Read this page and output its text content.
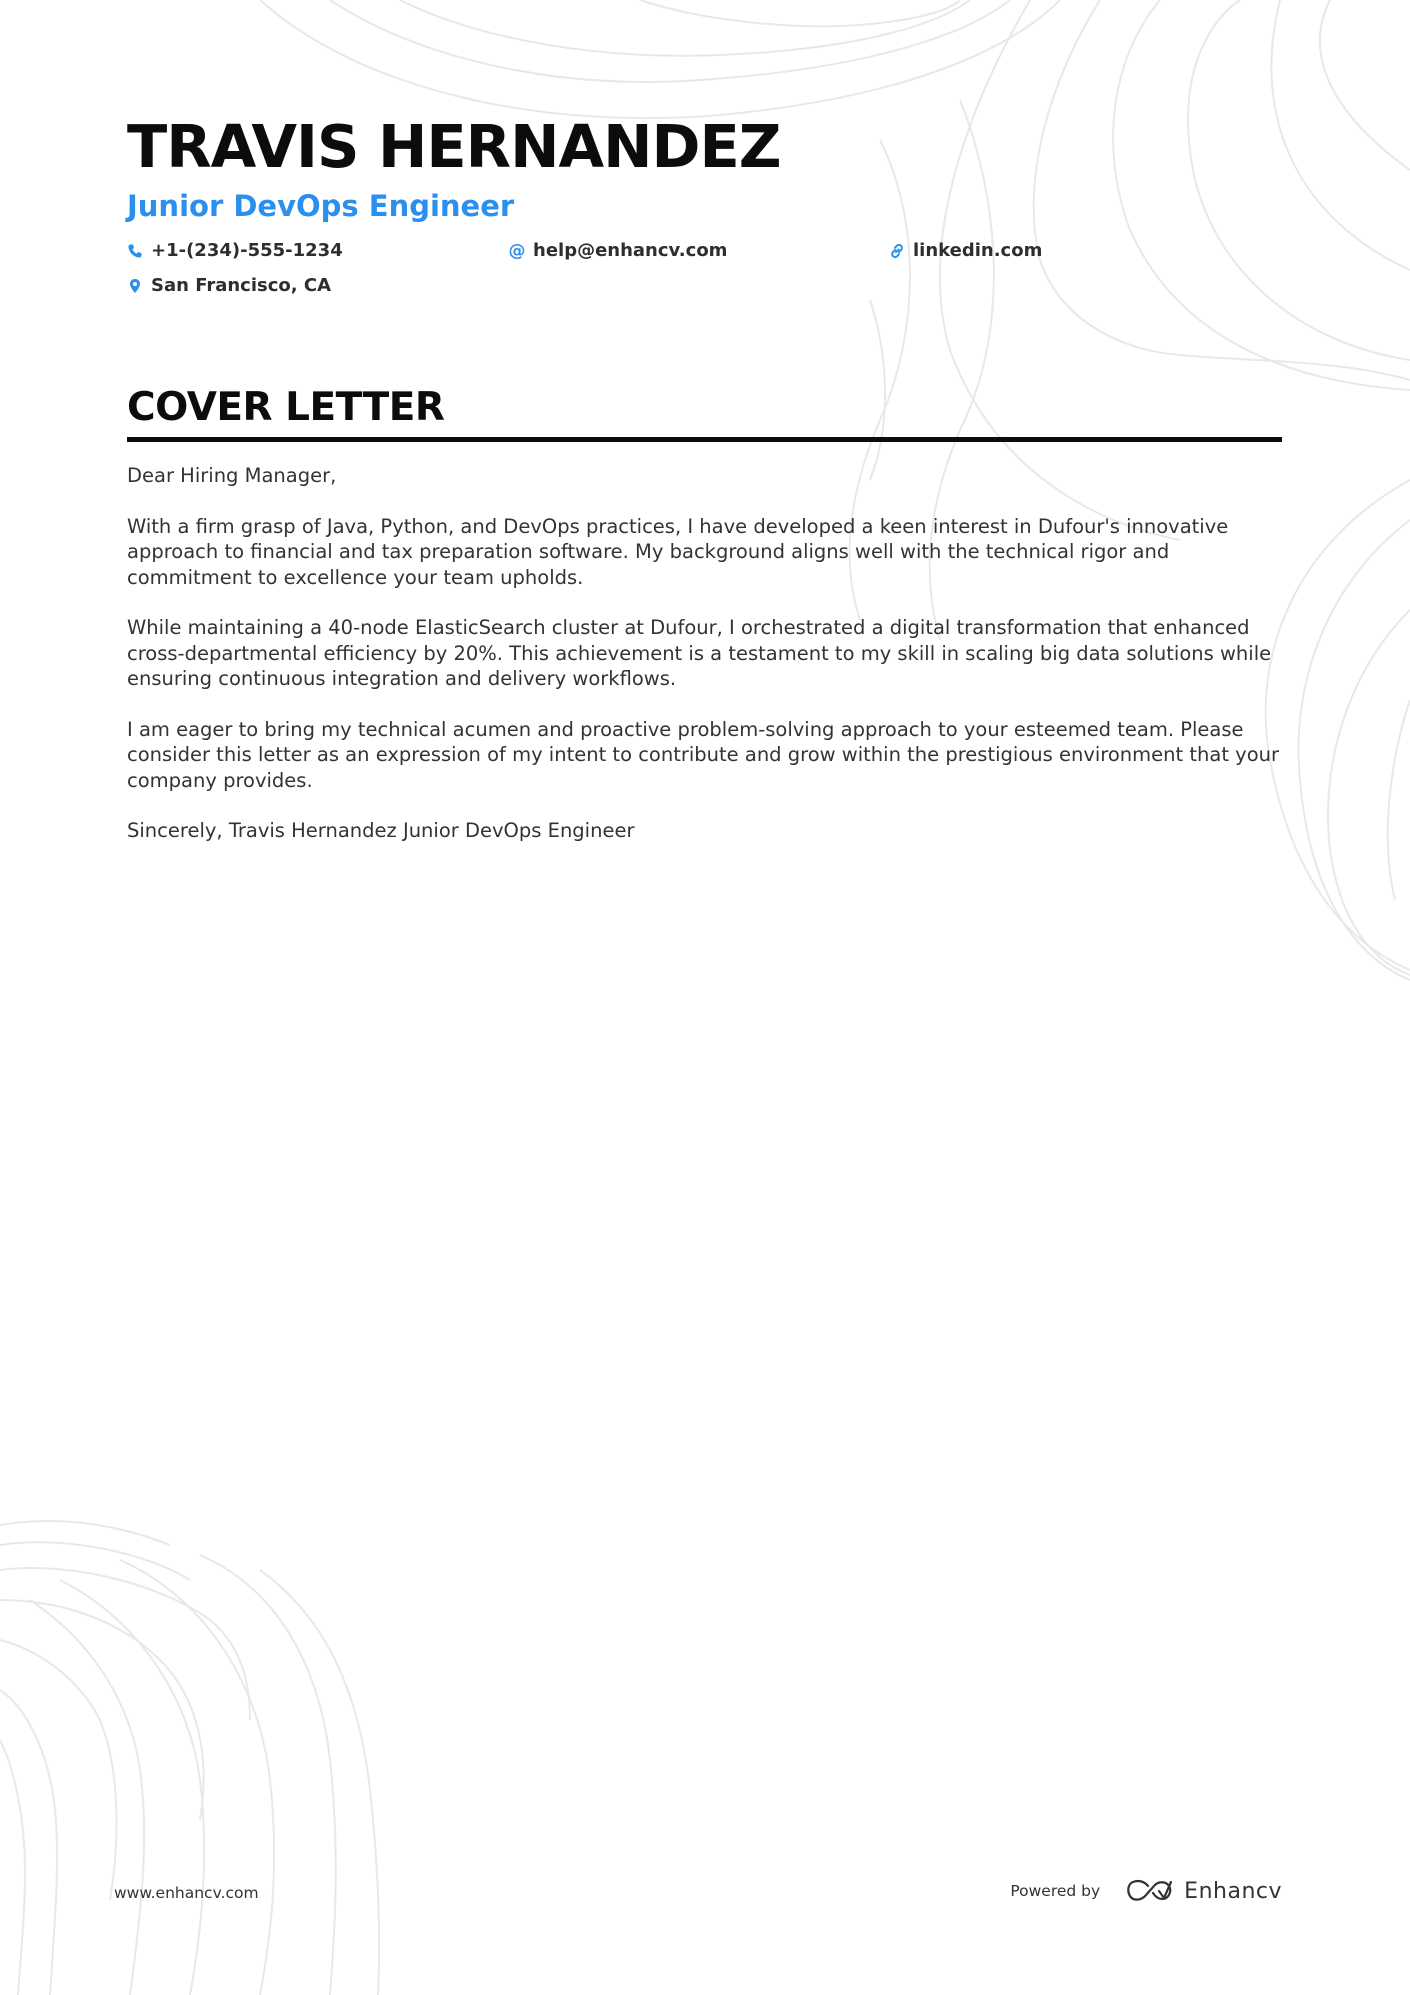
TRAVIS HERNANDEZ
Junior DevOps Engineer
+1-(234)-555-1234	@ help@enhancv.com	linkedin.com
San Francisco, CA
COVER LETTER

Dear Hiring Manager,

With a firm grasp of Java, Python, and DevOps practices, I have developed a keen interest in Dufour's innovative approach to financial and tax preparation software. My background aligns well with the technical rigor and commitment to excellence your team upholds.

While maintaining a 40-node ElasticSearch cluster at Dufour, I orchestrated a digital transformation that enhanced cross-departmental efficiency by 20%. This achievement is a testament to my skill in scaling big data solutions while ensuring continuous integration and delivery workflows.

I am eager to bring my technical acumen and proactive problem-solving approach to your esteemed team. Please consider this letter as an expression of my intent to contribute and grow within the prestigious environment that your company provides.

Sincerely, Travis Hernandez Junior DevOps Engineer

www.enhancv.com	Powered by	Enhancv
